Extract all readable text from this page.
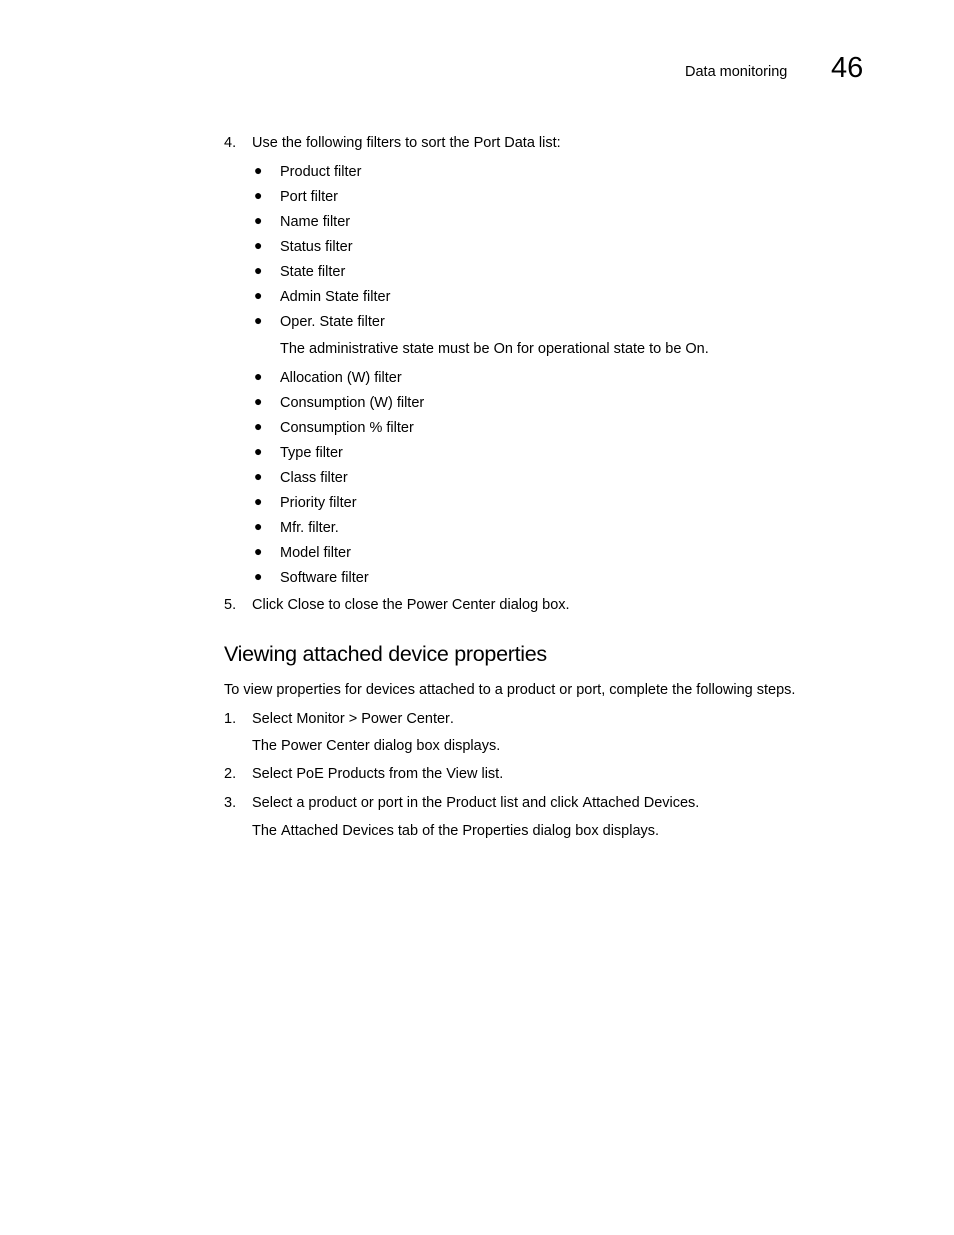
Data monitoring 46
4. Use the following filters to sort the Port Data list:
● Product filter
● Port filter
● Name filter
● Status filter
● State filter
● Admin State filter
● Oper. State filter
The administrative state must be On for operational state to be On.
● Allocation (W) filter
● Consumption (W) filter
● Consumption % filter
● Type filter
● Class filter
● Priority filter
● Mfr. filter.
● Model filter
● Software filter
5. Click Close to close the Power Center dialog box.
Viewing attached device properties
To view properties for devices attached to a product or port, complete the following steps.
1. Select Monitor > Power Center.
The Power Center dialog box displays.
2. Select PoE Products from the View list.
3. Select a product or port in the Product list and click Attached Devices.
The Attached Devices tab of the Properties dialog box displays.
